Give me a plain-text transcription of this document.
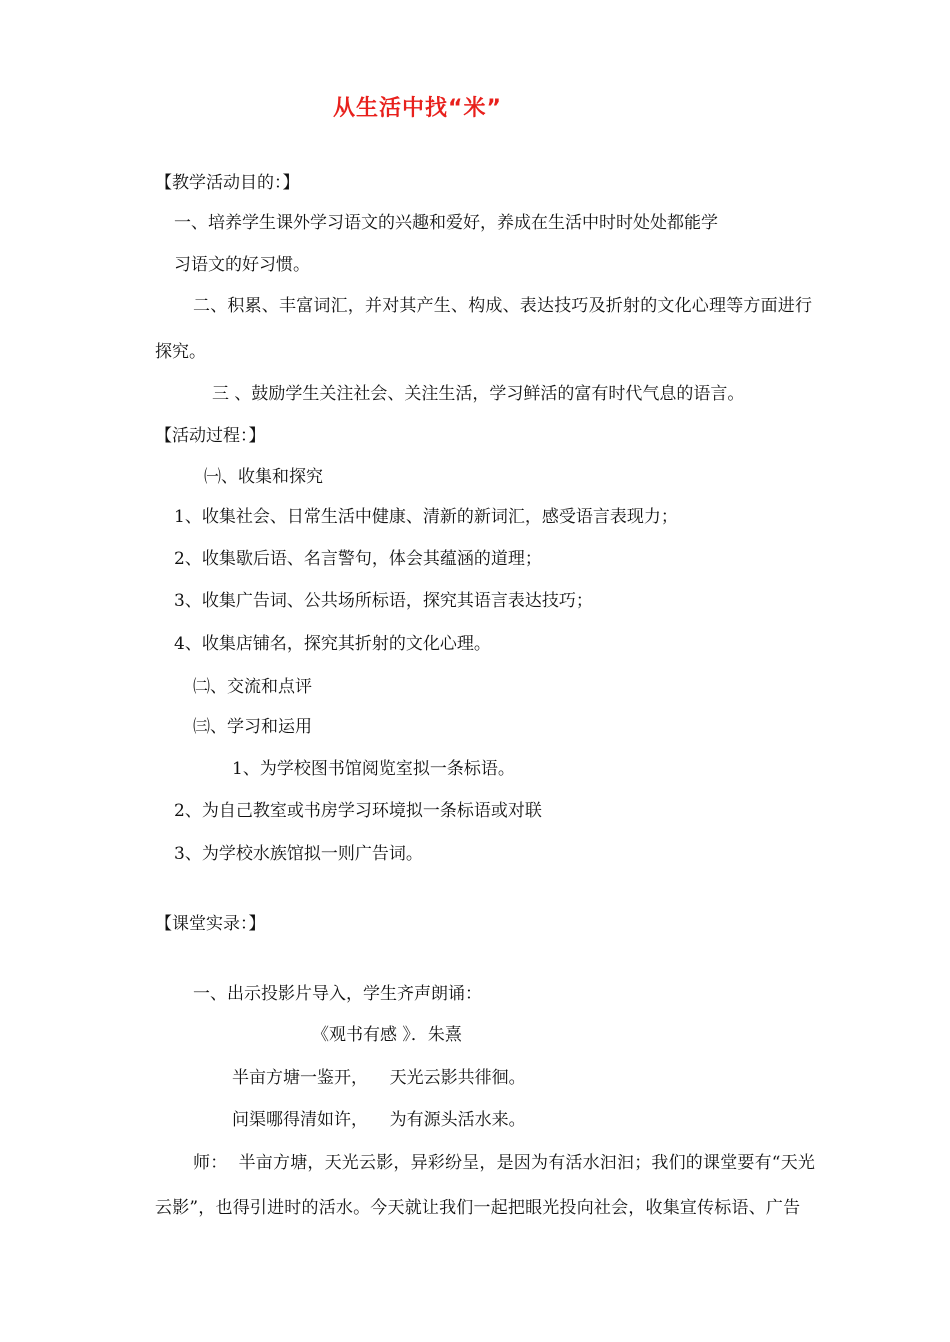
从生活中找“米”
【教学活动目的：】
一、培养学生课外学习语文的兴趣和爱好，养成在生活中时时处处都能学
习语文的好习惯。
二、积累、丰富词汇，并对其产生、构成、表达技巧及折射的文化心理等方面进行
探究。
三 、鼓励学生关注社会、关注生活，学习鲜活的富有时代气息的语言。
【活动过程：】
㈠、收集和探究
1、收集社会、日常生活中健康、清新的新词汇，感受语言表现力；
2、收集歇后语、名言警句，体会其蕴涵的道理；
3、收集广告词、公共场所标语，探究其语言表达技巧；
4、收集店铺名，探究其折射的文化心理。
㈡、交流和点评
㈢、学习和运用
1、为学校图书馆阅览室拟一条标语。
2、为自己教室或书房学习环境拟一条标语或对联
3、为学校水族馆拟一则广告词。
【课堂实录：】
一、出示投影片导入，学生齐声朗诵：
《观书有感 》．朱熹
半亩方塘一鉴开，    天光云影共徘徊。
问渠哪得清如许，    为有源头活水来。
师：  半亩方塘，天光云影，异彩纷呈，是因为有活水汩汩；我们的课堂要有“天光
云影”，也得引进时的活水。今天就让我们一起把眼光投向社会，收集宣传标语、广告
